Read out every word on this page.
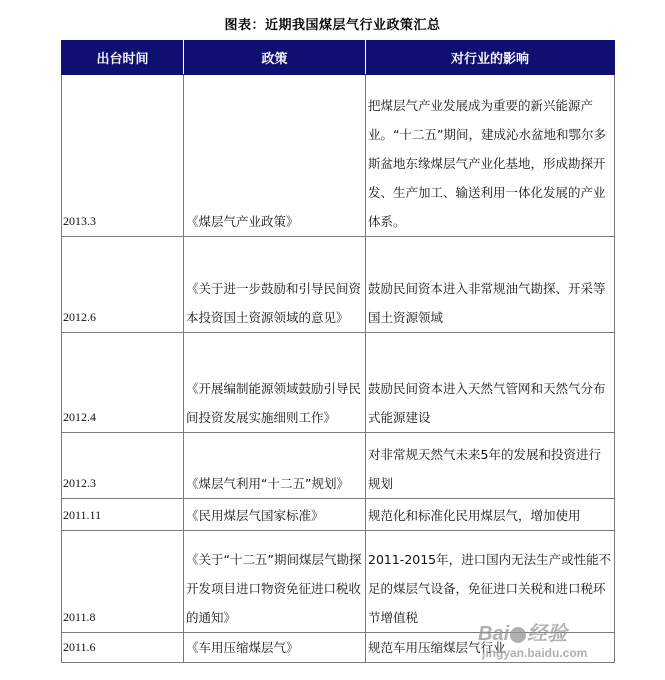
图表：近期我国煤层气行业政策汇总
出台时间	政策	对行业的影响
2013.3	《煤层气产业政策》	把煤层气产业发展成为重要的新兴能源产业。“十二五”期间，建成沁水盆地和鄂尔多斯盆地东缘煤层气产业化基地，形成勘探开发、生产加工、输送利用一体化发展的产业体系。
2012.6	《关于进一步鼓励和引导民间资本投资国土资源领域的意见》	鼓励民间资本进入非常规油气勘探、开采等国土资源领域
2012.4	《开展编制能源领域鼓励引导民间投资发展实施细则工作》	鼓励民间资本进入天然气管网和天然气分布式能源建设
2012.3	《煤层气利用“十二五”规划》	对非常规天然气未来5年的发展和投资进行规划
2011.11	《民用煤层气国家标准》	规范化和标准化民用煤层气，增加使用
2011.8	《关于“十二五”期间煤层气勘探开发项目进口物资免征进口税收的通知》	2011-2015年，进口国内无法生产或性能不足的煤层气设备，免征进口关税和进口税环节增值税
2011.6	《车用压缩煤层气》	规范车用压缩煤层气行业
Bai 经验
jingyan.baidu.com
